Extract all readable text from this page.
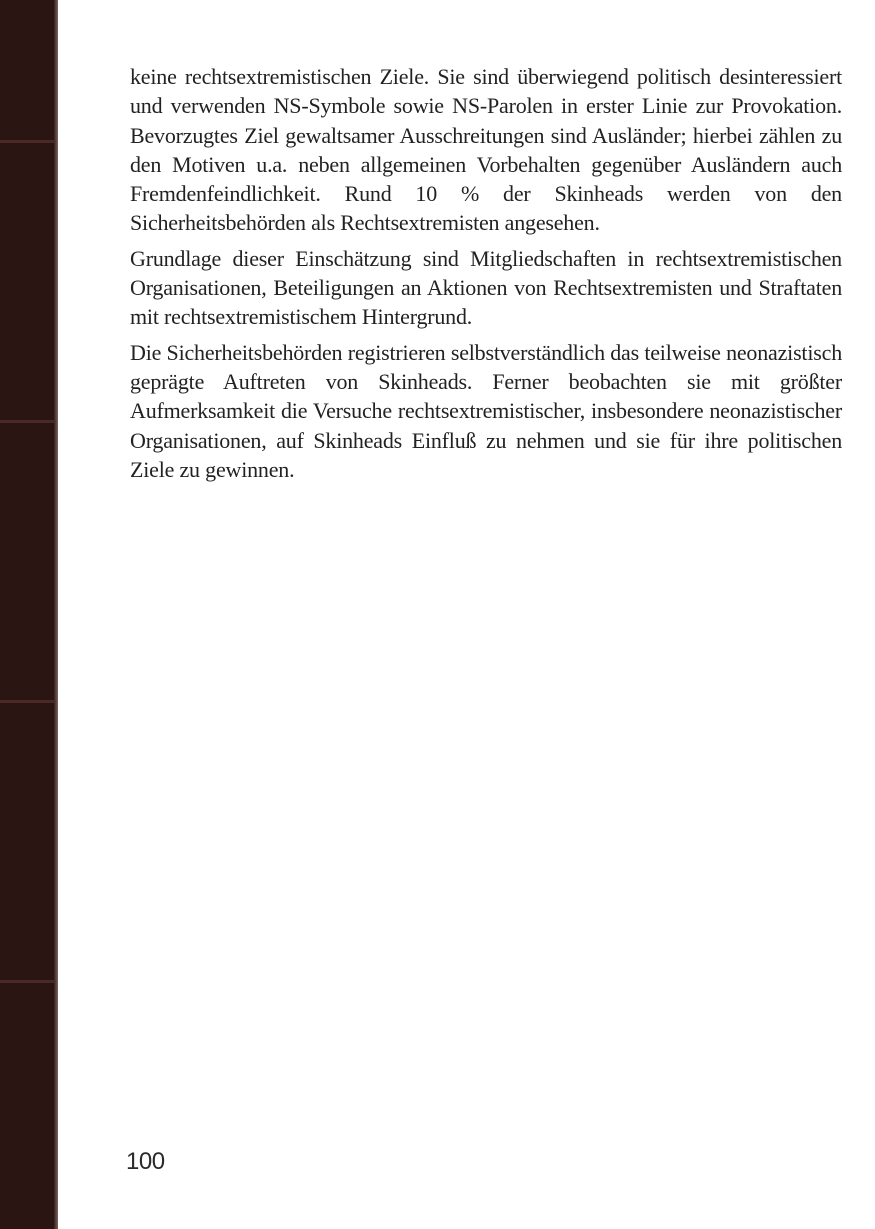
keine rechtsextremistischen Ziele. Sie sind überwiegend politisch desinteressiert und verwenden NS-Symbole sowie NS-Parolen in erster Linie zur Provokation. Bevorzugtes Ziel gewaltsamer Ausschreitungen sind Ausländer; hierbei zählen zu den Motiven u.a. neben allgemeinen Vorbehalten gegenüber Ausländern auch Fremdenfeindlichkeit. Rund 10 % der Skinheads werden von den Sicherheitsbehörden als Rechtsextremisten angesehen.

Grundlage dieser Einschätzung sind Mitgliedschaften in rechtsextremistischen Organisationen, Beteiligungen an Aktionen von Rechtsextremisten und Straftaten mit rechtsextremistischem Hintergrund.

Die Sicherheitsbehörden registrieren selbstverständlich das teilweise neonazistisch geprägte Auftreten von Skinheads. Ferner beobachten sie mit größter Aufmerksamkeit die Versuche rechtsextremistischer, insbesondere neonazistischer Organisationen, auf Skinheads Einfluß zu nehmen und sie für ihre politischen Ziele zu gewinnen.

100
